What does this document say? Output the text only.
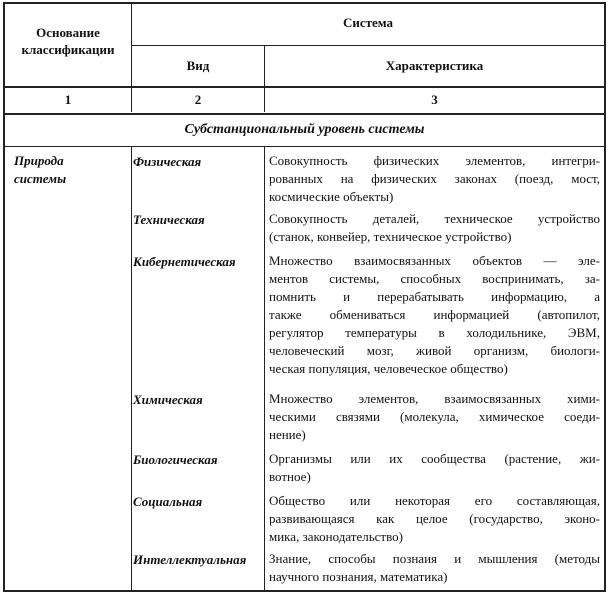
Основание
классификации
Система
Вид	Характеристика
1	2	3
Субстанциональный уровень системы
Природа
системы
Физическая	Совокупность физических элементов, интегри-
рованных на физических законах (поезд, мост,
космические объекты)
Техническая	Совокупность деталей, техническое устройство
(станок, конвейер, техническое устройство)
Кибернетическая	Множество взаимосвязанных объектов — эле-
ментов системы, способных воспринимать, за-
помнить и перерабатывать информацию, а
также обмениваться информацией (автопилот,
регулятор температуры в холодильнике, ЭВМ,
человеческий мозг, живой организм, биологи-
ческая популяция, человеческое общество)
Химическая	Множество элементов, взаимосвязанных хими-
ческими связями (молекула, химическое соеди-
нение)
Биологическая	Организмы или их сообщества (растение, жи-
вотное)
Социальная	Общество или некоторая его составляющая,
развивающаяся как целое (государство, эконо-
мика, законодательство)
Интеллектуальная	Знание, способы познаия и мышления (методы
научного познания, математика)
